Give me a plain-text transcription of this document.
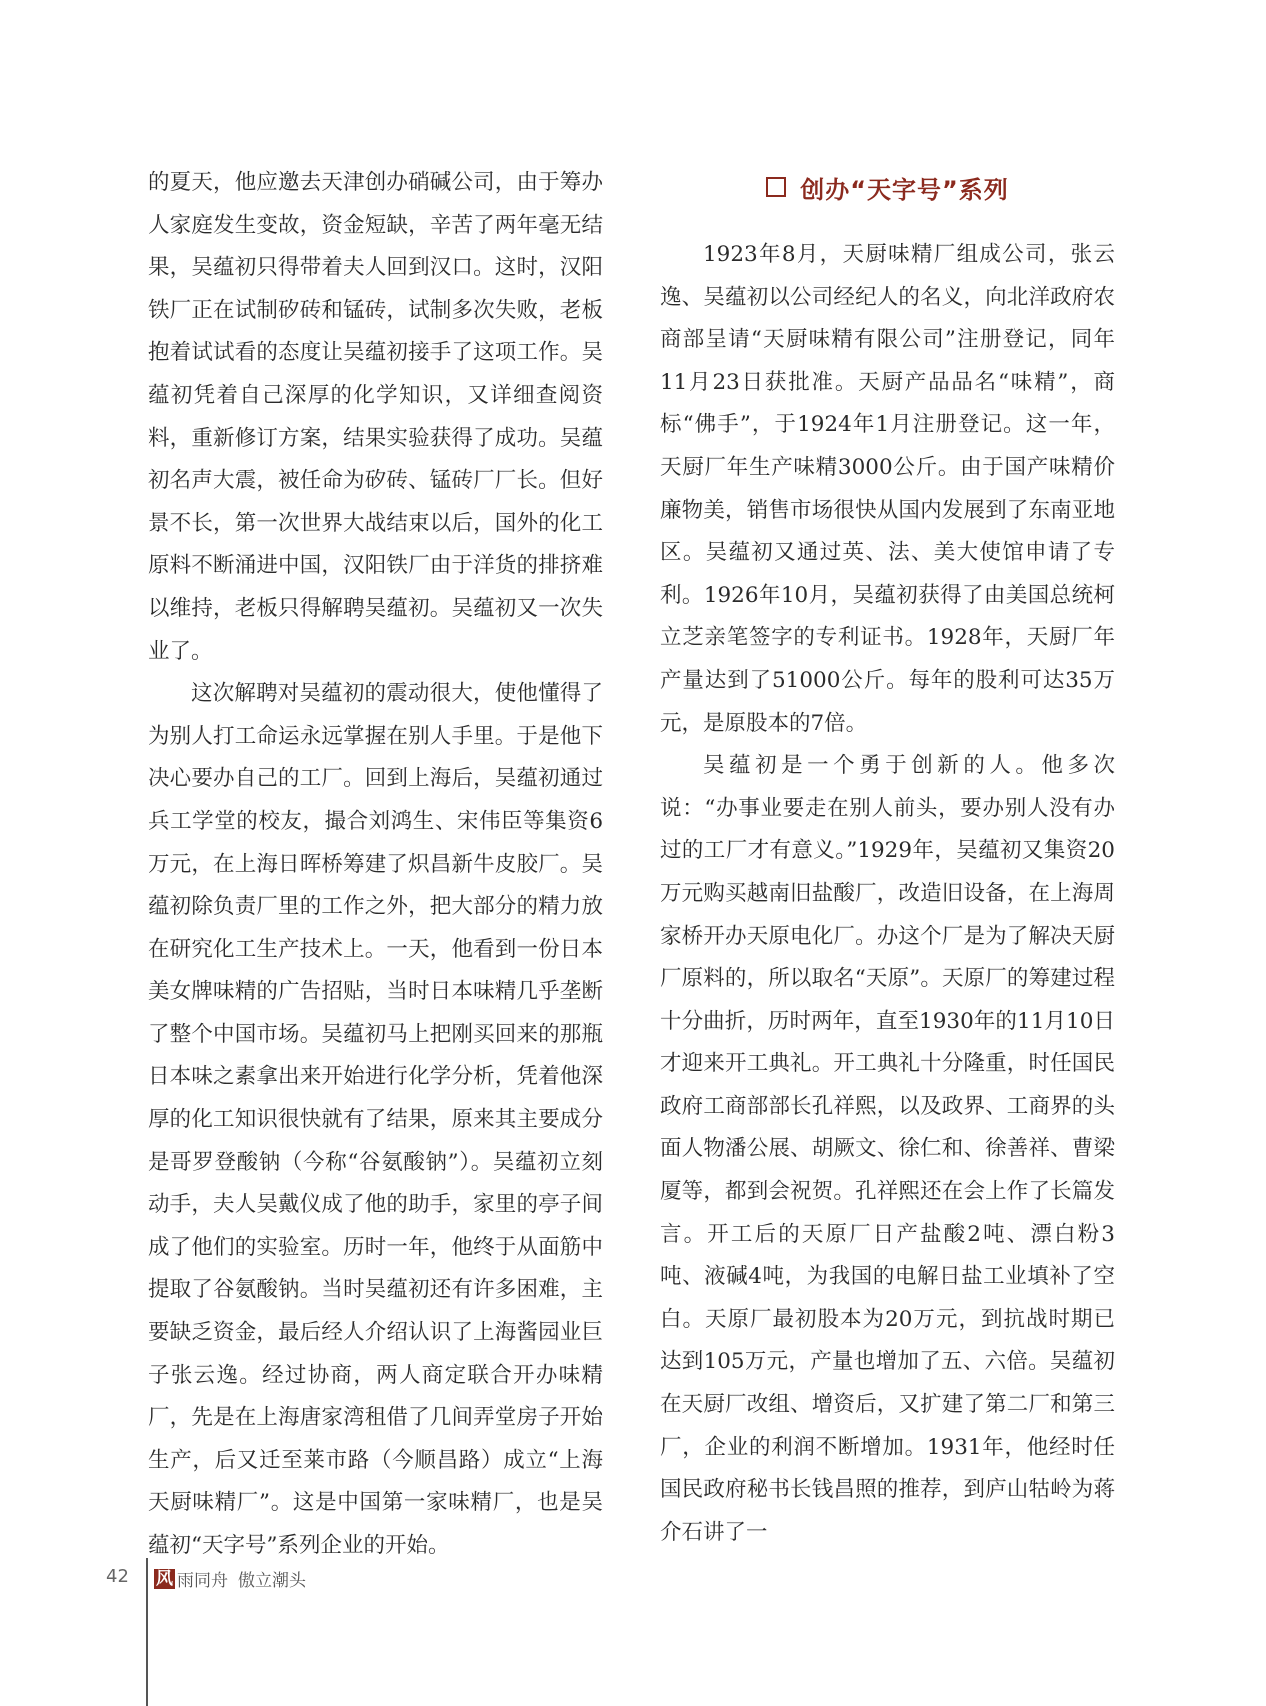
的夏天，他应邀去天津创办硝碱公司，由于筹办人家庭发生变故，资金短缺，辛苦了两年毫无结果，吴蕴初只得带着夫人回到汉口。这时，汉阳铁厂正在试制矽砖和锰砖，试制多次失败，老板抱着试试看的态度让吴蕴初接手了这项工作。吴蕴初凭着自己深厚的化学知识，又详细查阅资料，重新修订方案，结果实验获得了成功。吴蕴初名声大震，被任命为矽砖、锰砖厂厂长。但好景不长，第一次世界大战结束以后，国外的化工原料不断涌进中国，汉阳铁厂由于洋货的排挤难以维持，老板只得解聘吴蕴初。吴蕴初又一次失业了。

这次解聘对吴蕴初的震动很大，使他懂得了为别人打工命运永远掌握在别人手里。于是他下决心要办自己的工厂。回到上海后，吴蕴初通过兵工学堂的校友，撮合刘鸿生、宋伟臣等集资6万元，在上海日晖桥筹建了炽昌新牛皮胶厂。吴蕴初除负责厂里的工作之外，把大部分的精力放在研究化工生产技术上。一天，他看到一份日本美女牌味精的广告招贴，当时日本味精几乎垄断了整个中国市场。吴蕴初马上把刚买回来的那瓶日本味之素拿出来开始进行化学分析，凭着他深厚的化工知识很快就有了结果，原来其主要成分是哥罗登酸钠（今称“谷氨酸钠”）。吴蕴初立刻动手，夫人吴戴仪成了他的助手，家里的亭子间成了他们的实验室。历时一年，他终于从面筋中提取了谷氨酸钠。当时吴蕴初还有许多困难，主要缺乏资金，最后经人介绍认识了上海酱园业巨子张云逸。经过协商，两人商定联合开办味精厂，先是在上海唐家湾租借了几间弄堂房子开始生产，后又迁至莱市路（今顺昌路）成立“上海天厨味精厂”。这是中国第一家味精厂，也是吴蕴初“天字号”系列企业的开始。

创办“天字号”系列

1923年8月，天厨味精厂组成公司，张云逸、吴蕴初以公司经纪人的名义，向北洋政府农商部呈请“天厨味精有限公司”注册登记，同年11月23日获批准。天厨产品品名“味精”，商标“佛手”，于1924年1月注册登记。这一年，天厨厂年生产味精3000公斤。由于国产味精价廉物美，销售市场很快从国内发展到了东南亚地区。吴蕴初又通过英、法、美大使馆申请了专利。1926年10月，吴蕴初获得了由美国总统柯立芝亲笔签字的专利证书。1928年，天厨厂年产量达到了51000公斤。每年的股利可达35万元，是原股本的7倍。

吴蕴初是一个勇于创新的人。他多次说：“办事业要走在别人前头，要办别人没有办过的工厂才有意义。”1929年，吴蕴初又集资20万元购买越南旧盐酸厂，改造旧设备，在上海周家桥开办天原电化厂。办这个厂是为了解决天厨厂原料的，所以取名“天原”。天原厂的筹建过程十分曲折，历时两年，直至1930年的11月10日才迎来开工典礼。开工典礼十分隆重，时任国民政府工商部部长孔祥熙，以及政界、工商界的头面人物潘公展、胡厥文、徐仁和、徐善祥、曹梁厦等，都到会祝贺。孔祥熙还在会上作了长篇发言。开工后的天原厂日产盐酸2吨、漂白粉3吨、液碱4吨，为我国的电解日盐工业填补了空白。天原厂最初股本为20万元，到抗战时期已达到105万元，产量也增加了五、六倍。吴蕴初在天厨厂改组、增资后，又扩建了第二厂和第三厂，企业的利润不断增加。1931年，他经时任国民政府秘书长钱昌照的推荐，到庐山牯岭为蒋介石讲了一

42 风 雨同舟 傲立潮头
